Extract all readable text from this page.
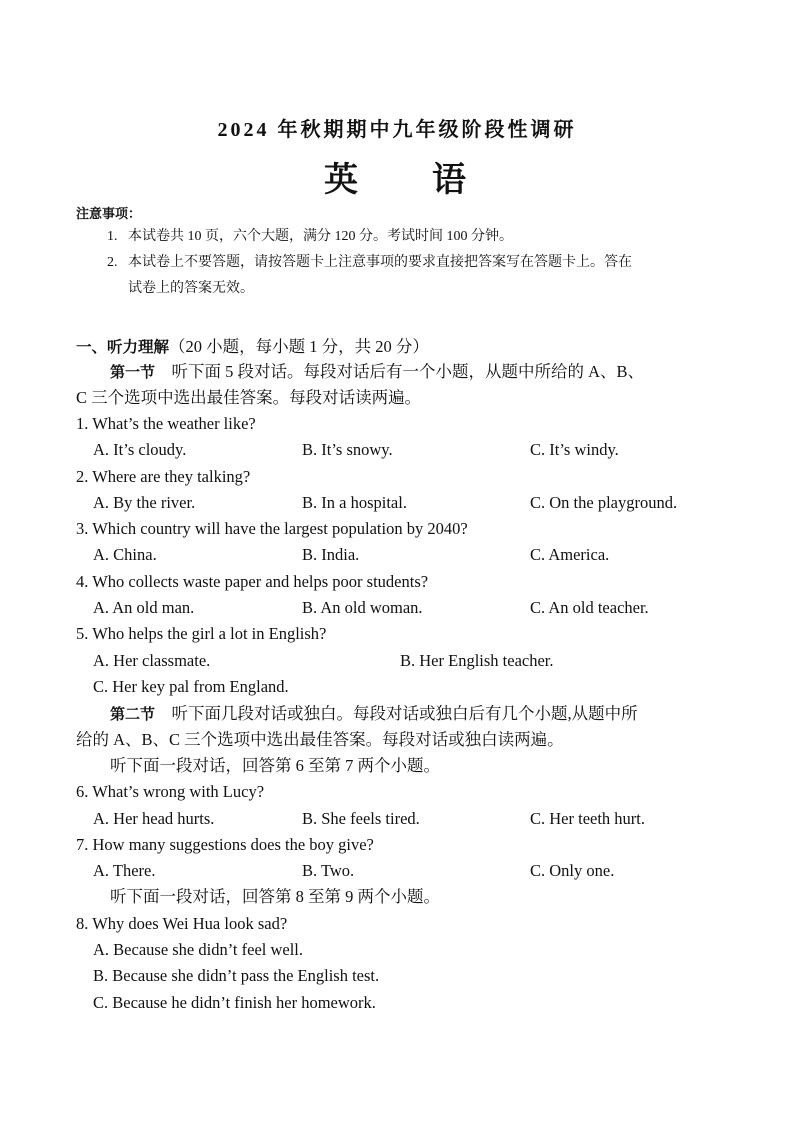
2024 年秋期期中九年级阶段性调研
英 语
注意事项：
1. 本试卷共 10 页，六个大题，满分 120 分。考试时间 100 分钟。
2. 本试卷上不要答题，请按答题卡上注意事项的要求直接把答案写在答题卡上。答在
试卷上的答案无效。
一、听力理解（20 小题，每小题 1 分，共 20 分）
第一节　听下面 5 段对话。每段对话后有一个小题，从题中所给的 A、B、
C 三个选项中选出最佳答案。每段对话读两遍。
1. What’s the weather like?
A. It’s cloudy.	B. It’s snowy.	C. It’s windy.
2. Where are they talking?
A. By the river.	B. In a hospital.	C. On the playground.
3. Which country will have the largest population by 2040?
A. China.	B. India.	C. America.
4. Who collects waste paper and helps poor students?
A. An old man.	B. An old woman.	C. An old teacher.
5. Who helps the girl a lot in English?
A. Her classmate.	B. Her English teacher.
C. Her key pal from England.
第二节　听下面几段对话或独白。每段对话或独白后有几个小题,从题中所
给的 A、B、C 三个选项中选出最佳答案。每段对话或独白读两遍。
听下面一段对话，回答第 6 至第 7 两个小题。
6. What’s wrong with Lucy?
A. Her head hurts.	B. She feels tired.	C. Her teeth hurt.
7. How many suggestions does the boy give?
A. There.	B. Two.	C. Only one.
听下面一段对话，回答第 8 至第 9 两个小题。
8. Why does Wei Hua look sad?
A. Because she didn’t feel well.
B. Because she didn’t pass the English test.
C. Because he didn’t finish her homework.
